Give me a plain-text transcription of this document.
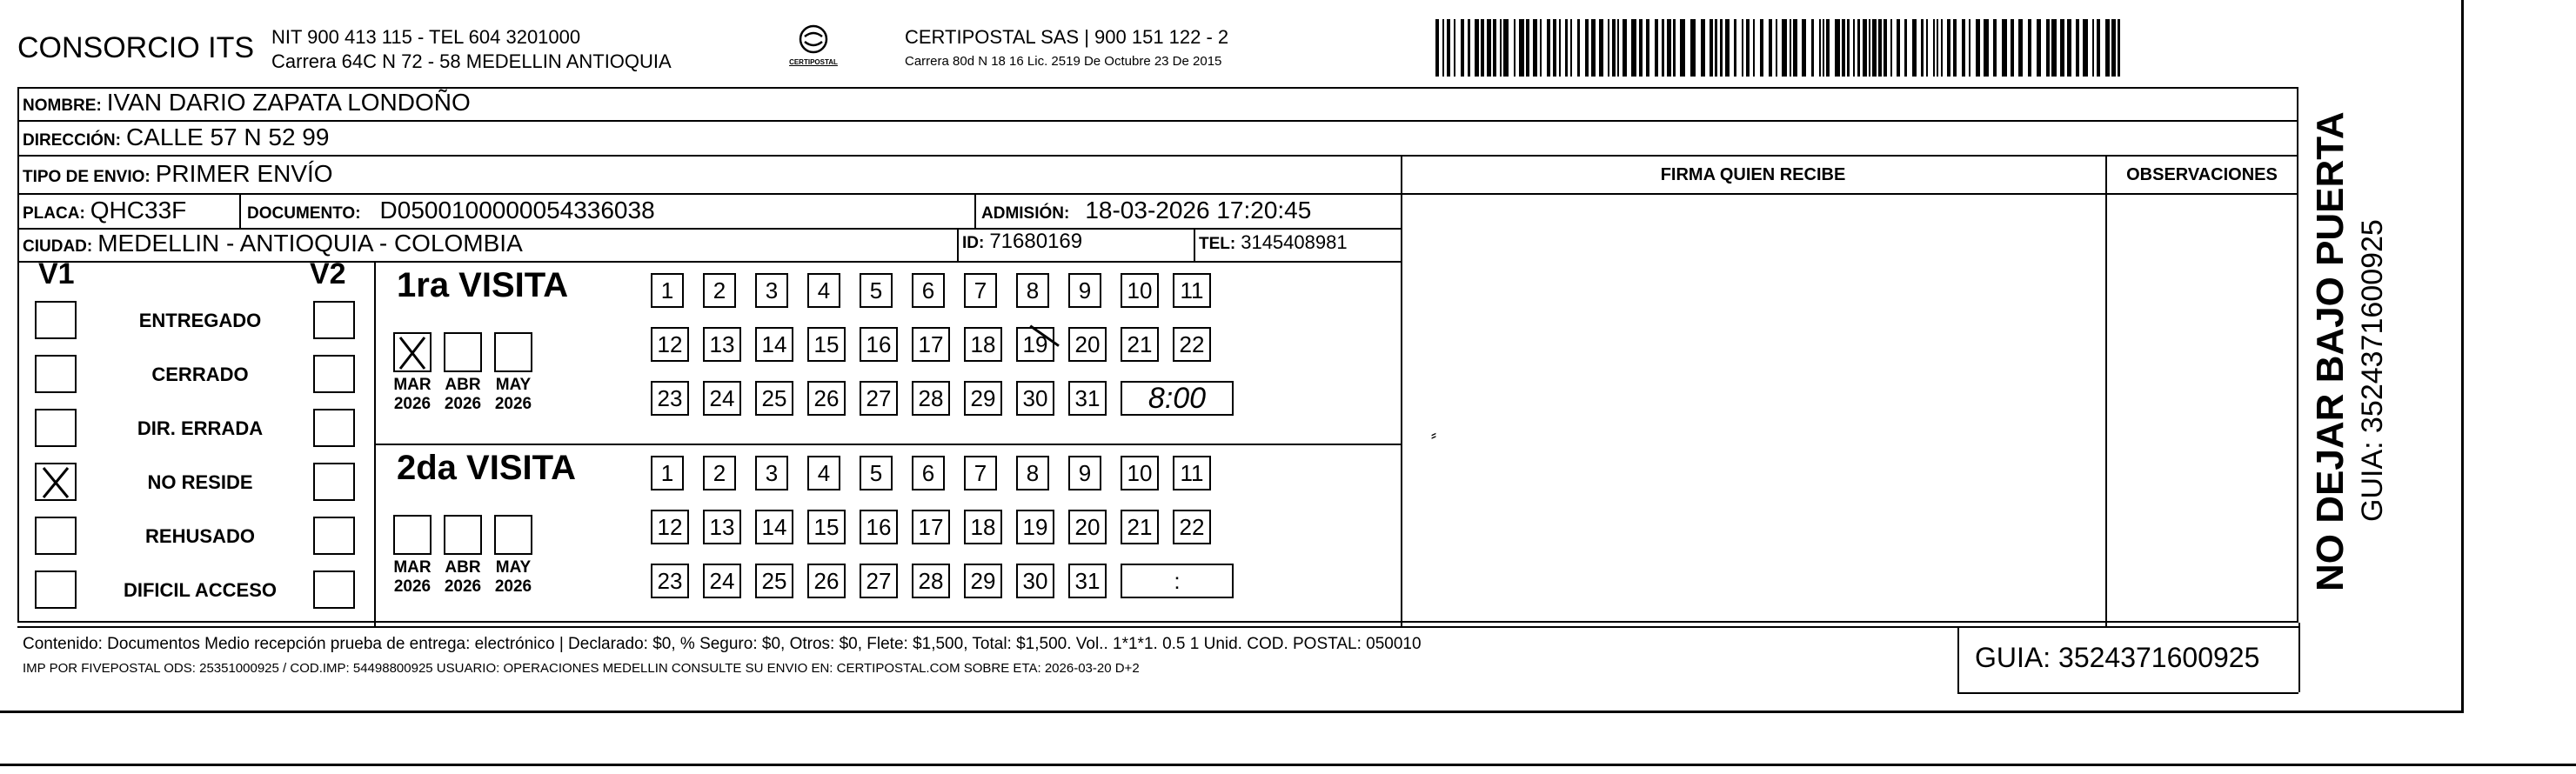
CONSORCIO ITS NIT 900 413 115 - TEL 604 3201000
Carrera 64C N 72 - 58 MEDELLIN ANTIOQUIA	CERTIPOSTAL
CERTIPOSTAL SAS | 900 151 122 - 2
Carrera 80d N 18 16 Lic. 2519 De Octubre 23 De 2015
NOMBRE: IVAN DARIO ZAPATA LONDOÑO
DIRECCIÓN: CALLE 57 N 52 99
TIPO DE ENVIO: PRIMER ENVÍO
PLACA: QHC33F	DOCUMENTO: D0500100000054336038	ADMISIÓN: 18-03-2026 17:20:45
CIUDAD: MEDELLIN - ANTIOQUIA - COLOMBIA	ID: 71680169	TEL: 3145408981
FIRMA QUIEN RECIBE	OBSERVACIONES
⸗
V1	V2
ENTREGADO
CERRADO
DIR. ERRADA
NO RESIDE
REHUSADO
DIFICIL ACCESO
1ra VISITA
MAR
2026
ABR
2026
MAY
2026
1	2	3	4	5	6	7	8	9	10	11
12 13 14 15 16 17 18 19 20 21 22
23 24 25 26 27 28 29 30 31	8:00
2da VISITA
MAR
2026
ABR
2026
MAY
2026
1	2	3	4	5	6	7	8	9	10	11
12 13 14 15 16 17 18 19 20 21 22
23 24 25 26 27 28 29 30 31	:
Contenido: Documentos Medio recepción prueba de entrega: electrónico | Declarado: $0, % Seguro: $0, Otros: $0, Flete: $1,500, Total: $1,500. Vol.. 1*1*1. 0.5 1 Unid. COD. POSTAL: 050010
IMP POR FIVEPOSTAL ODS: 25351000925 / COD.IMP: 54498800925 USUARIO: OPERACIONES MEDELLIN CONSULTE SU ENVIO EN: CERTIPOSTAL.COM SOBRE ETA: 2026-03-20 D+2	GUIA: 3524371600925
NO DEJAR BAJO PUERTA GUIA: 3524371600925
